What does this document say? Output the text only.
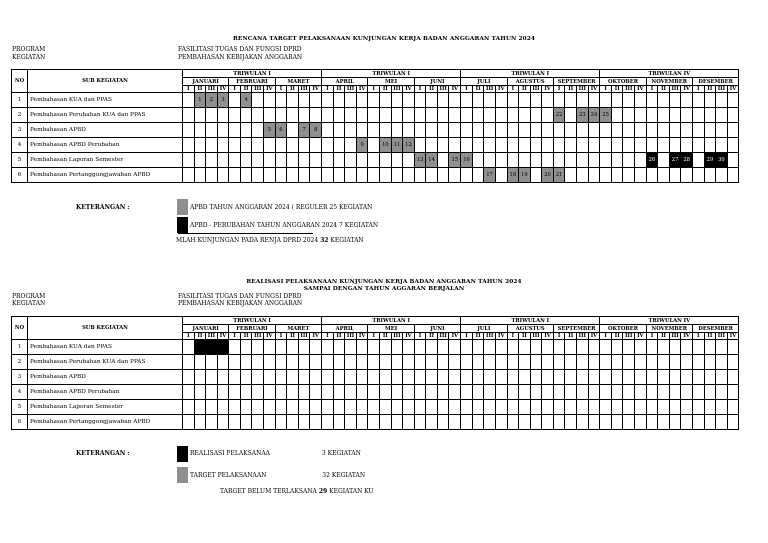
RENCANA TARGET PELAKSANAAN KUNJUNGAN KERJA BADAN ANGGARAN TAHUN 2024
PROGRAM
KEGIATAN
FASILITASI TUGAS DAN FUNGSI DPRD
PEMBAHASAN KEBIJAKAN ANGGARAN
NO	SUB KEGIATAN	TRIWULAN I												TRIWULAN I												TRIWULAN I												TRIWULAN IV											
		JANUARI				FEBRUARI				MARET				APRIL				MEI				JUNI				JULI				AGUSTUS				SEPTEMBER				OKTOBER				NOVEMBER				DESEMBER			
		I	II	III	IV	I	II	III	IV	I	II	III	IV	I	II	III	IV	I	II	III	IV	I	II	III	IV	I	II	III	IV	I	II	III	IV	I	II	III	IV	I	II	III	IV	I	II	III	IV	I	II	III	IV
1	Pembahasan KUA dan PPAS		1	2	3		4																																										
2	Pembahasan Perubahan KUA dan PPAS																																	22		23	24	25											
3	Pembahasan APBD								5	6		7	8																																				
4	Pembahasan APBD Perubahan																9		10	11	12																												
5	Pembahasan Laporan Semester																					13	14		15	16																26		27	28		29	30	
6	Pembahasan Pertanggungjawaban APBD																											17		18	19		20	21															
KETERANGAN :	APBD TAHUN ANGGARAN 2024 ( REGULER 25 KEGIATAN
APBD - PERUBAHAN TAHUN ANGGARAN 2024 7 KEGIATAN
MLAH KUNJUNGAN PADA RENJA DPRD 2024 32 KEGIATAN
REALISASI PELAKSANAAN KUNJUNGAN KERJA BADAN ANGGARAN TAHUN 2024
SAMPAI DENGAN TAHUN AGGARAN BERJALAN
PROGRAM
KEGIATAN
FASILITASI TUGAS DAN FUNGSI DPRD
PEMBAHASAN KEBIJAKAN ANGGARAN
NO	SUB KEGIATAN	TRIWULAN I												TRIWULAN I												TRIWULAN I												TRIWULAN IV											
		JANUARI				FEBRUARI				MARET				APRIL				MEI				JUNI				JULI				AGUSTUS				SEPTEMBER				OKTOBER				NOVEMBER				DESEMBER			
		I	II	III	IV	I	II	III	IV	I	II	III	IV	I	II	III	IV	I	II	III	IV	I	II	III	IV	I	II	III	IV	I	II	III	IV	I	II	III	IV	I	II	III	IV	I	II	III	IV	I	II	III	IV
1	Pembahasan KUA dan PPAS																																																
2	Pembahasan Perubahan KUA dan PPAS																																																
3	Pembahasan APBD																																																
4	Pembahasan APBD Perubahan																																																
5	Pembahasan Laporan Semester																																																
6	Pembahasan Pertanggungjawaban APBD																																																
KETERANGAN :	REALISASI PELAKSANAA	3 KEGIATAN
TARGET PELAKSANAAN	32 KEGIATAN
TARGET BELUM TERLAKSANA 29 KEGIATAN KU
